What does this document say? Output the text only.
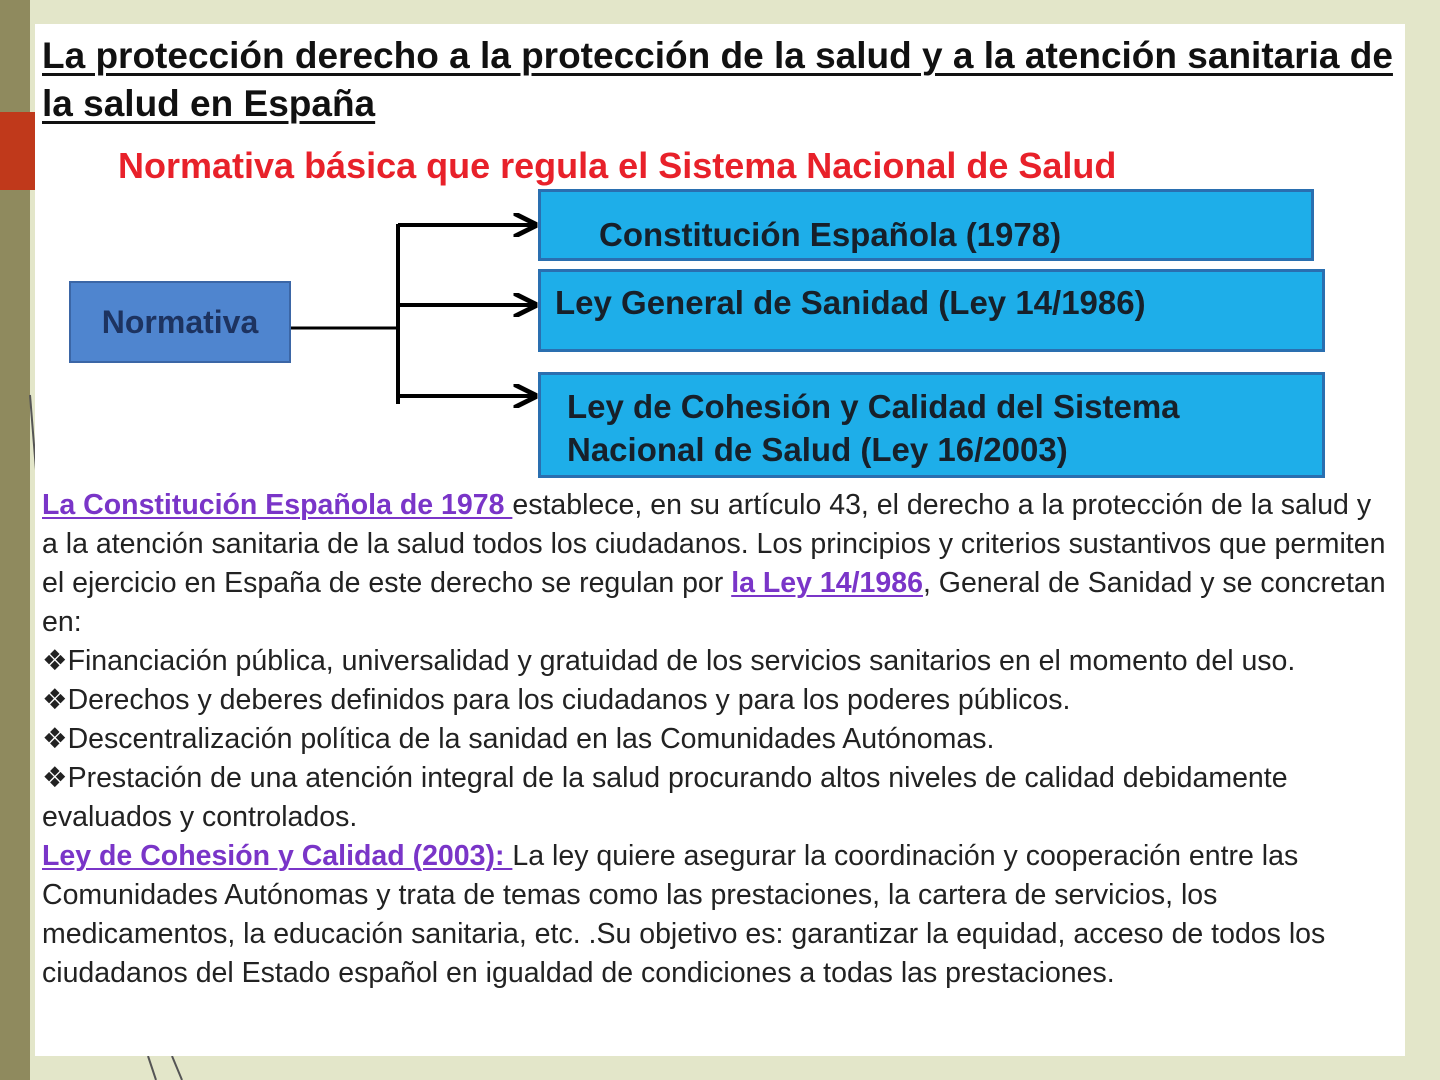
La protección derecho a la protección de la salud y a la atención sanitaria de la salud en España
Normativa básica que regula el Sistema Nacional de Salud
Normativa
Constitución Española (1978)
Ley General de Sanidad (Ley 14/1986)
Ley de Cohesión y Calidad del Sistema Nacional de Salud (Ley 16/2003)

La Constitución Española de 1978 establece, en su artículo 43, el derecho a la protección de la salud y a la atención sanitaria de la salud todos los ciudadanos. Los principios y criterios sustantivos que permiten el ejercicio en España de este derecho se regulan por la Ley 14/1986, General de Sanidad y se concretan en:

❖Financiación pública, universalidad y gratuidad de los servicios sanitarios en el momento del uso.

❖Derechos y deberes definidos para los ciudadanos y para los poderes públicos.

❖Descentralización política de la sanidad en las Comunidades Autónomas.

❖Prestación de una atención integral de la salud procurando altos niveles de calidad debidamente evaluados y controlados.

Ley de Cohesión y Calidad (2003): La ley quiere asegurar la coordinación y cooperación entre las Comunidades Autónomas y trata de temas como las prestaciones, la cartera de servicios, los medicamentos, la educación sanitaria, etc. .Su objetivo es: garantizar la equidad, acceso de todos los ciudadanos del Estado español en igualdad de condiciones a todas las prestaciones.
